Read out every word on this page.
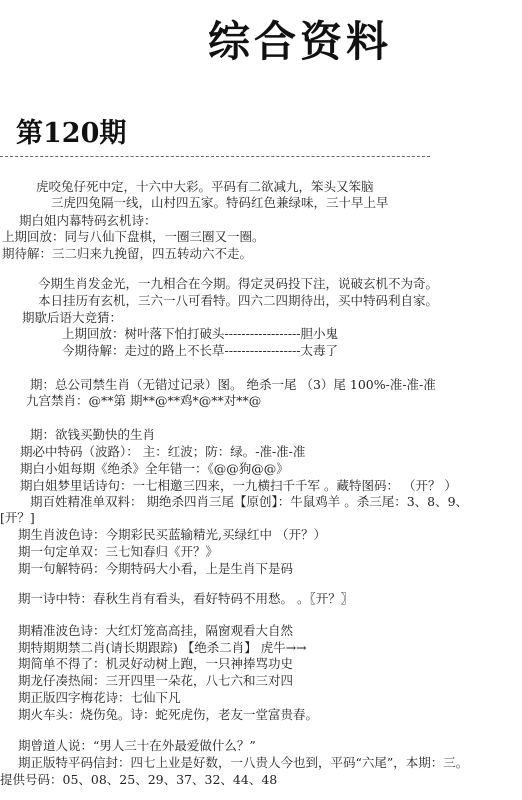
综合资料
第120期
虎咬兔仔死中定，十六中大彩。平码有二欲减九，笨头又笨脑
三虎四兔隔一线，山村四五家。特码红色兼绿味，三十早上早
期白姐内幕特码玄机诗：
上期回放：同与八仙下盘棋，一圈三圈又一圈。
期待解：三二归来九挽留，四五转动六不走。
今期生肖发金光，一九相合在今期。得定灵码投下注，说破玄机不为奇。
本日挂历有玄机，三六一八可看特。四六二四期待出，买中特码利自家。
期歇后语大竞猜：
上期回放：树叶落下怕打破头------------------胆小鬼
今期待解：走过的路上不长草------------------太毒了
期：总公司禁生肖（无错过记录）图。 绝杀一尾 （3）尾 100%-准-准-准
九宫禁肖：@**第 期**@**鸡*@**对**@
期：欲钱买勤快的生肖
期必中特码（波路）： 主：红波；防：绿。-准-准-准
期白小姐每期《绝杀》全年错一：《@@狗@@》
期白姐梦里话诗句：一七相邀三四来，一九横扫千千军 。藏特图码： （开？ ）
期百姓精准单双料： 期绝杀四肖三尾【原创】：牛鼠鸡羊 。杀三尾：3、8、9、
[开？]
期生肖波色诗：今期彩民买蓝输精光,买绿红中 （开？）
期一句定单双：三七知春归《开？》
期一句解特码：今期特码大小看，上是生肖下是码
期一诗中特：春秋生肖有看头，看好特码不用愁。 。〖开？〗
期精准波色诗：大红灯笼高高挂，隔窗观看大自然
期特期期禁二肖(请长期跟踪) 【绝杀二肖】 虎牛→→
期简单不得了：机灵好动树上跑，一只神捧骂功史
期龙仔凑热闹：三开四里一朵花，八七六和三对四
期正版四字梅花诗：七仙下凡
期火车头：烧伤兔。诗：蛇死虎伤，老友一堂富贵春。
期曾道人说：“男人三十在外最爱做什么？”
期正版特平码信封：四七上业是好数，一八贵人今也到，平码“六尾”，本期：三。
提供号码：05、08、25、29、37、32、44、48
